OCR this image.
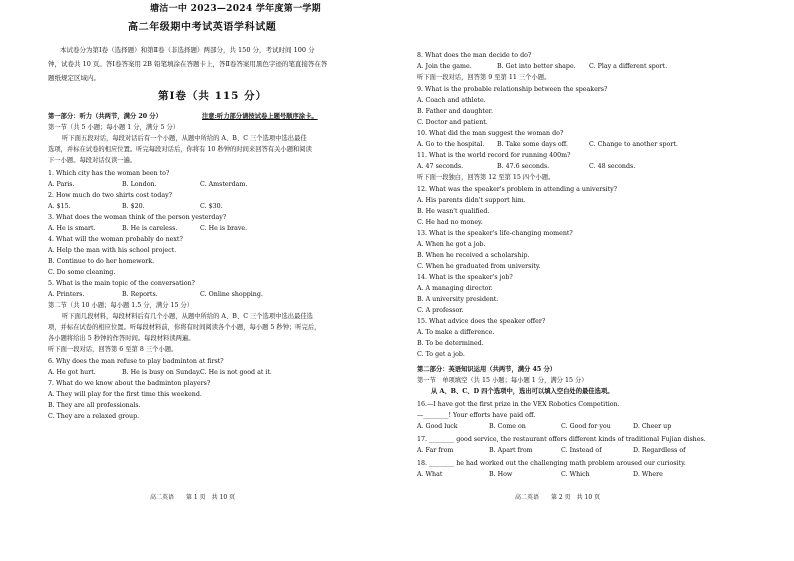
塘沽一中 2023—2024 学年度第一学期
高二年级期中考试英语学科试题
本试卷分为第Ⅰ卷（选择题）和第Ⅱ卷（非选择题）两部分，共 150 分，考试时间 100 分
钟，试卷共 10 页。答Ⅰ卷答案用 2B 铅笔填涂在答题卡上，答Ⅱ卷答案用黑色字迹的笔直接答在答
题纸规定区域内。
第Ⅰ卷（共 115 分）
第一部分：听力（共两节，满分 20 分）	注意:听力部分请按试卷上题号顺序涂卡。
第一节（共 5 小题；每小题 1 分，满分 5 分）
听下面五段对话，每段对话后有一个小题，从题中所给的 A、B、C 三个选项中选出最佳
选项，并标在试卷的相应位置。听完每段对话后，你将有 10 秒钟的时间来回答有关小题和阅读
下一小题。每段对话仅读一遍。
1. Which city has the woman been to?
A. Paris.	B. London.	C. Amsterdam.
2. How much do two shirts cost today?
A. $15.	B. $20.	C. $30.
3. What does the woman think of the person yesterday?
A. He is smart.	B. He is careless.	C. He is brave.
4. What will the woman probably do next?
A. Help the man with his school project.
B. Continue to do her homework.
C. Do some cleaning.
5. What is the main topic of the conversation?
A. Printers.	B. Reports.	C. Online shopping.
第二节（共 10 小题；每小题 1.5 分，满分 15 分）
听下面几段材料，每段材料后有几个小题，从题中所给的 A、B、C 三个选项中选出最佳选
项，并标在试卷的相应位置。听每段材料前，你将有时间阅读各个小题，每小题 5 秒钟；听完后，
各小题将给出 5 秒钟的作答时间。每段材料读两遍。
听下面一段对话，回答第 6 至第 8 三个小题。
6. Why does the man refuse to play badminton at first?
A. He got hurt.	B. He is busy on Sunday. C. He is not good at it.
7. What do we know about the badminton players?
A. They will play for the first time this weekend.
B. They are all professionals.
C. They are a relaxed group.
高二英语　　第 1 页　共 10 页
8. What does the man decide to do?
A. Join the game.	B. Get into better shape. C. Play a different sport.
听下面一段对话，回答第 9 至第 11 三个小题。
9. What is the probable relationship between the speakers?
A. Coach and athlete.
B. Father and daughter.
C. Doctor and patient.
10. What did the man suggest the woman do?
A. Go to the hospital. B. Take some days off.	C. Change to another sport.
11. What is the world record for running 400m?
A. 47 seconds.	B. 47.6 seconds.	C. 48 seconds.
听下面一段独白，回答第 12 至第 15 四个小题。
12. What was the speaker's problem in attending a university?
A. His parents didn't support him.
B. He wasn't qualified.
C. He had no money.
13. What is the speaker's life-changing moment?
A. When he got a job.
B. When he received a scholarship.
C. When he graduated from university.
14. What is the speaker's job?
A. A managing director.
B. A university president.
C. A professor.
15. What advice does the speaker offer?
A. To make a difference.
B. To be determined.
C. To get a job.
第二部分：英语知识运用（共两节，满分 45 分）
第一节　单项填空（共 15 小题；每小题 1 分，满分 15 分）
从 A、B、C、D 四个选项中，选出可以填入空白处的最佳选项。
16.—I have got the first prize in the VEX Robotics Competition.
—________! Your efforts have paid off.
A. Good luck	B. Come on	C. Good for you	D. Cheer up
17. ________ good service, the restaurant offers different kinds of traditional Fujian dishes.
A. Far from	B. Apart from	C. Instead of	D. Regardless of
18. ________ he had worked out the challenging math problem aroused our curiosity.
A. What	B. How	C. Which	D. Where
高二英语　　第 2 页　共 10 页
